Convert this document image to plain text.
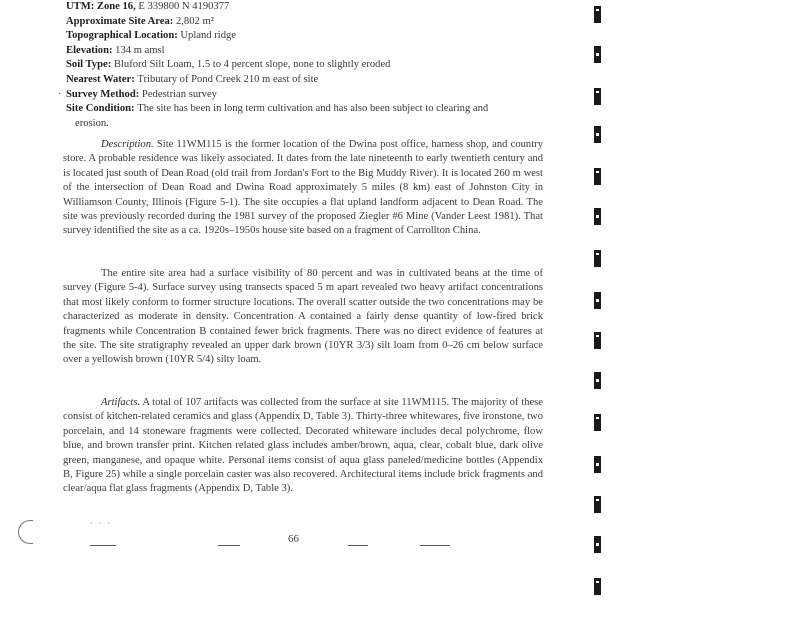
UTM: Zone 16, E 339800 N 4190377
Approximate Site Area: 2,802 m²
Topographical Location: Upland ridge
Elevation: 134 m amsl
Soil Type: Bluford Silt Loam, 1.5 to 4 percent slope, none to slightly eroded
Nearest Water: Tributary of Pond Creek 210 m east of site
Survey Method: Pedestrian survey
Site Condition: The site has been in long term cultivation and has also been subject to clearing and
erosion.
·

Description. Site 11WM115 is the former location of the Dwina post office, harness shop, and country store. A probable residence was likely associated. It dates from the late nineteenth to early twentieth century and is located just south of Dean Road (old trail from Jordan's Fort to the Big Muddy River). It is located 260 m west of the intersection of Dean Road and Dwina Road approximately 5 miles (8 km) east of Johnston City in Williamson County, Illinois (Figure 5-1). The site occupies a flat upland landform adjacent to Dean Road. The site was previously recorded during the 1981 survey of the proposed Ziegler #6 Mine (Vander Leest 1981). That survey identified the site as a ca. 1920s–1950s house site based on a fragment of Carrollton China.

The entire site area had a surface visibility of 80 percent and was in cultivated beans at the time of survey (Figure 5-4). Surface survey using transects spaced 5 m apart revealed two heavy artifact concentrations that most likely conform to former structure locations. The overall scatter outside the two concentrations may be characterized as moderate in density. Concentration A contained a fairly dense quantity of low-fired brick fragments while Concentration B contained fewer brick fragments. There was no direct evidence of features at the site. The site stratigraphy revealed an upper dark brown (10YR 3/3) silt loam from 0–26 cm below surface over a yellowish brown (10YR 5/4) silty loam.

Artifacts. A total of 107 artifacts was collected from the surface at site 11WM115. The majority of these consist of kitchen-related ceramics and glass (Appendix D, Table 3). Thirty-three whitewares, five ironstone, two porcelain, and 14 stoneware fragments were collected. Decorated whiteware includes decal polychrome, flow blue, and brown transfer print. Kitchen related glass includes amber/brown, aqua, clear, cobalt blue, dark olive green, manganese, and opaque white. Personal items consist of aqua glass paneled/medicine bottles (Appendix B, Figure 25) while a single porcelain caster was also recovered. Architectural items include brick fragments and clear/aqua flat glass fragments (Appendix D, Table 3).

· · ·
66
